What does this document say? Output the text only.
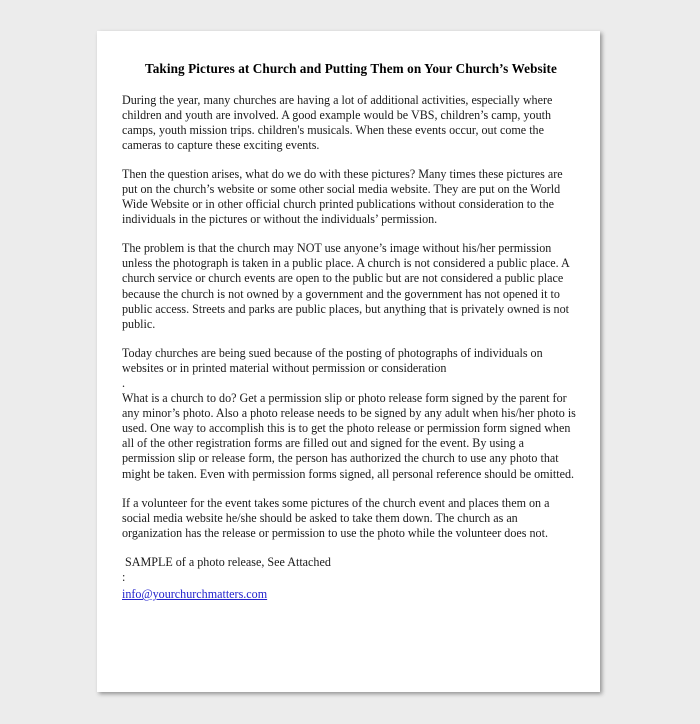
Taking Pictures at Church and Putting Them on Your Church’s Website

During the year, many churches are having a lot of additional activities, especially where children and youth are involved. A good example would be VBS, children’s camp, youth camps, youth mission trips. children's musicals. When these events occur, out come the cameras to capture these exciting events.

Then the question arises, what do we do with these pictures? Many times these pictures are put on the church’s website or some other social media website. They are put on the World Wide Website or in other official church printed publications without consideration to the individuals in the pictures or without the individuals’ permission.

The problem is that the church may NOT use anyone’s image without his/her permission unless the photograph is taken in a public place. A church is not considered a public place. A church service or church events are open to the public but are not considered a public place because the church is not owned by a government and the government has not opened it to public access. Streets and parks are public places, but anything that is privately owned is not public.

Today churches are being sued because of the posting of photographs of individuals on websites or in printed material without permission or consideration

.

What is a church to do? Get a permission slip or photo release form signed by the parent for any minor’s photo. Also a photo release needs to be signed by any adult when his/her photo is used. One way to accomplish this is to get the photo release or permission form signed when all of the other registration forms are filled out and signed for the event. By using a permission slip or release form, the person has authorized the church to use any photo that might be taken. Even with permission forms signed, all personal reference should be omitted.

If a volunteer for the event takes some pictures of the church event and places them on a social media website he/she should be asked to take them down. The church as an organization has the release or permission to use the photo while the volunteer does not.

SAMPLE of a photo release, See Attached

:

info@yourchurchmatters.com
